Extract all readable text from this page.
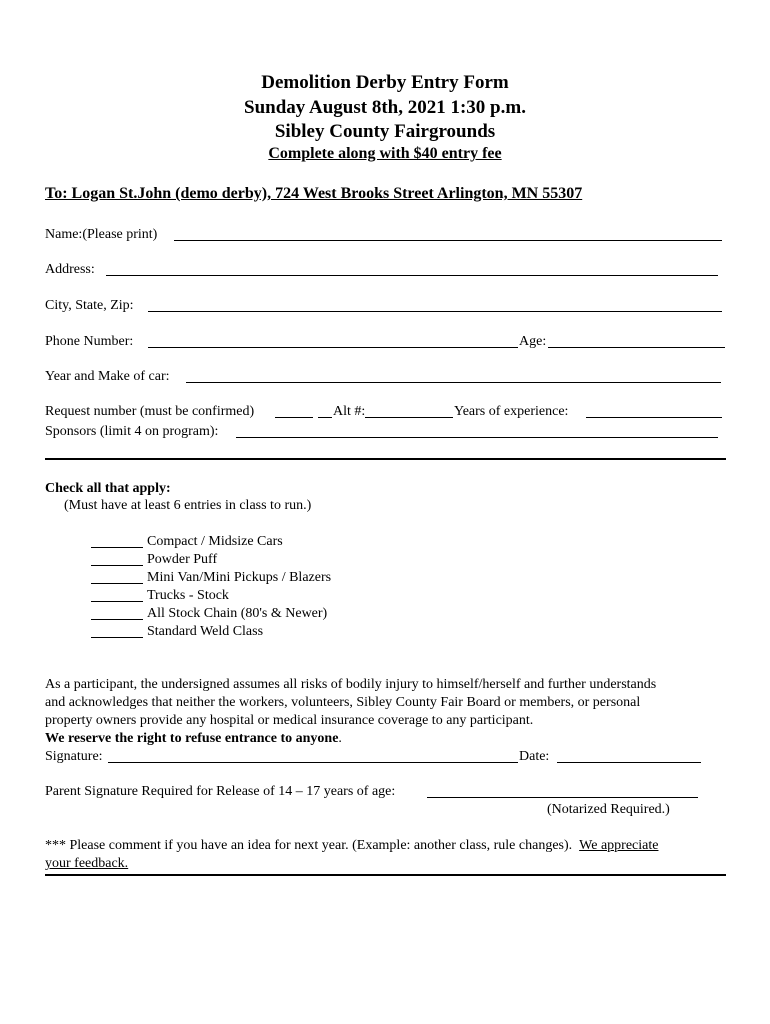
Demolition Derby Entry Form
Sunday August 8th, 2021 1:30 p.m.
Sibley County Fairgrounds
Complete along with $40 entry fee
To: Logan St.John (demo derby), 724 West Brooks Street Arlington, MN 55307
Name:(Please print)
Address:
City, State, Zip:
Phone Number:	Age:
Year and Make of car:
Request number (must be confirmed)	Alt #:	Years of experience:
Sponsors (limit 4 on program):
Check all that apply:
(Must have at least 6 entries in class to run.)
Compact / Midsize Cars
Powder Puff
Mini Van/Mini Pickups / Blazers
Trucks - Stock
All Stock Chain (80's & Newer)
Standard Weld Class
As a participant, the undersigned assumes all risks of bodily injury to himself/herself and further understands
and acknowledges that neither the workers, volunteers, Sibley County Fair Board or members, or personal
property owners provide any hospital or medical insurance coverage to any participant.
We reserve the right to refuse entrance to anyone.
Signature:	Date:
Parent Signature Required for Release of 14 – 17 years of age:
(Notarized Required.)
*** Please comment if you have an idea for next year. (Example: another class, rule changes). We appreciate
your feedback.
